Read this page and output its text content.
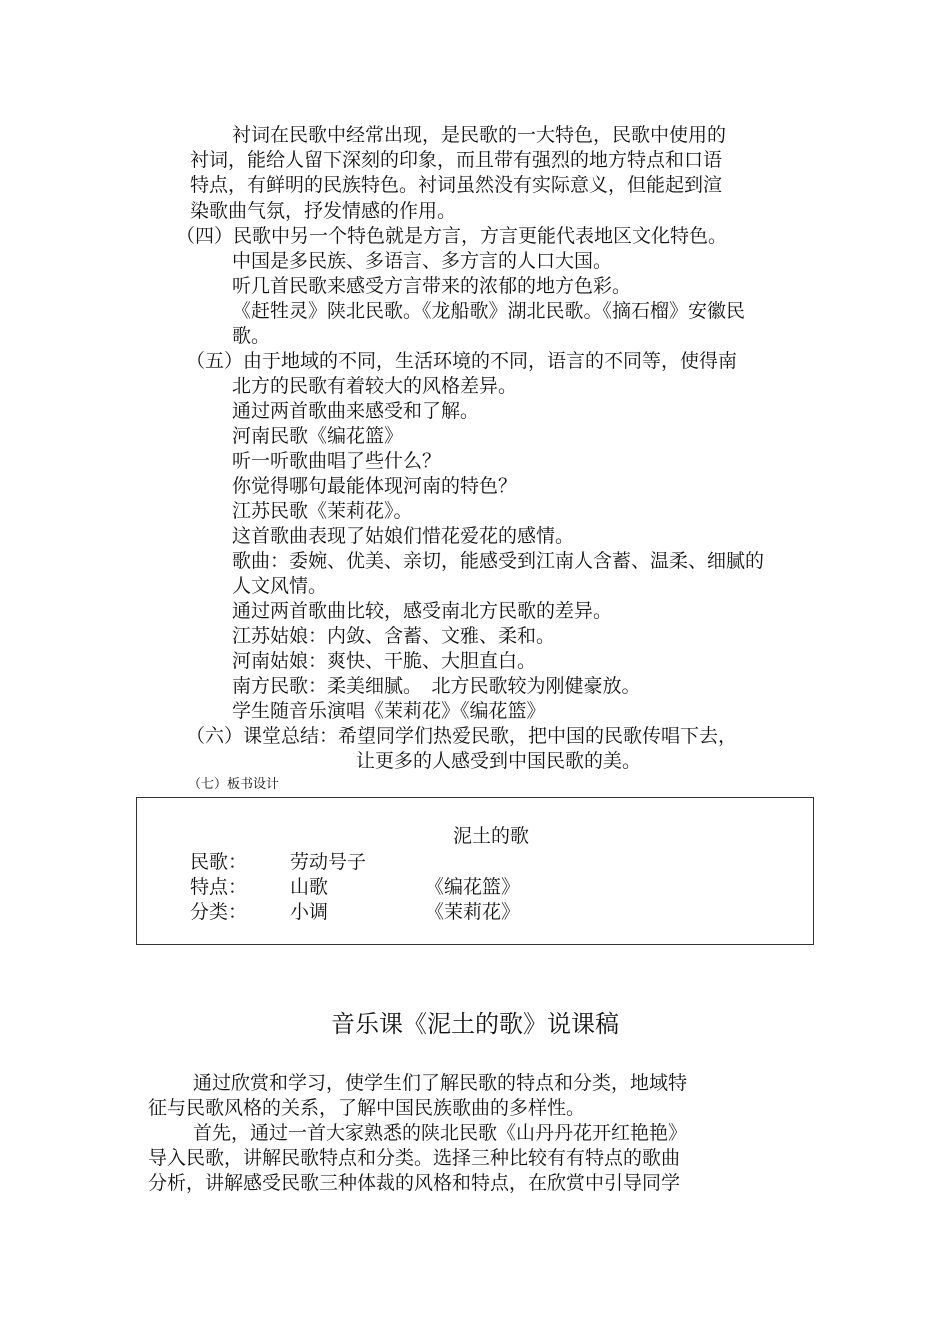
衬词在民歌中经常出现，是民歌的一大特色，民歌中使用的
衬词，能给人留下深刻的印象，而且带有强烈的地方特点和口语
特点，有鲜明的民族特色。衬词虽然没有实际意义，但能起到渲
染歌曲气氛，抒发情感的作用。
（四）民歌中另一个特色就是方言，方言更能代表地区文化特色。
中国是多民族、多语言、多方言的人口大国。
听几首民歌来感受方言带来的浓郁的地方色彩。
《赶牲灵》陕北民歌。《龙船歌》湖北民歌。《摘石榴》安徽民
歌。
（五）由于地域的不同，生活环境的不同，语言的不同等，使得南
北方的民歌有着较大的风格差异。
通过两首歌曲来感受和了解。
河南民歌《编花篮》
听一听歌曲唱了些什么？
你觉得哪句最能体现河南的特色？
江苏民歌《茉莉花》。
这首歌曲表现了姑娘们惜花爱花的感情。
歌曲：委婉、优美、亲切，能感受到江南人含蓄、温柔、细腻的
人文风情。
通过两首歌曲比较，感受南北方民歌的差异。
江苏姑娘：内敛、含蓄、文雅、柔和。
河南姑娘：爽快、干脆、大胆直白。
南方民歌：柔美细腻。　北方民歌较为刚健豪放。
学生随音乐演唱《茉莉花》《编花篮》
（六）课堂总结：希望同学们热爱民歌，把中国的民歌传唱下去，
让更多的人感受到中国民歌的美。
（七）板书设计
泥土的歌
民歌： 劳动号子
特点： 山歌	《编花篮》
分类： 小调	《茉莉花》
音乐课《泥土的歌》说课稿
通过欣赏和学习，使学生们了解民歌的特点和分类，地域特
征与民歌风格的关系，了解中国民族歌曲的多样性。
首先，通过一首大家熟悉的陕北民歌《山丹丹花开红艳艳》
导入民歌，讲解民歌特点和分类。选择三种比较有有特点的歌曲
分析，讲解感受民歌三种体裁的风格和特点，在欣赏中引导同学
